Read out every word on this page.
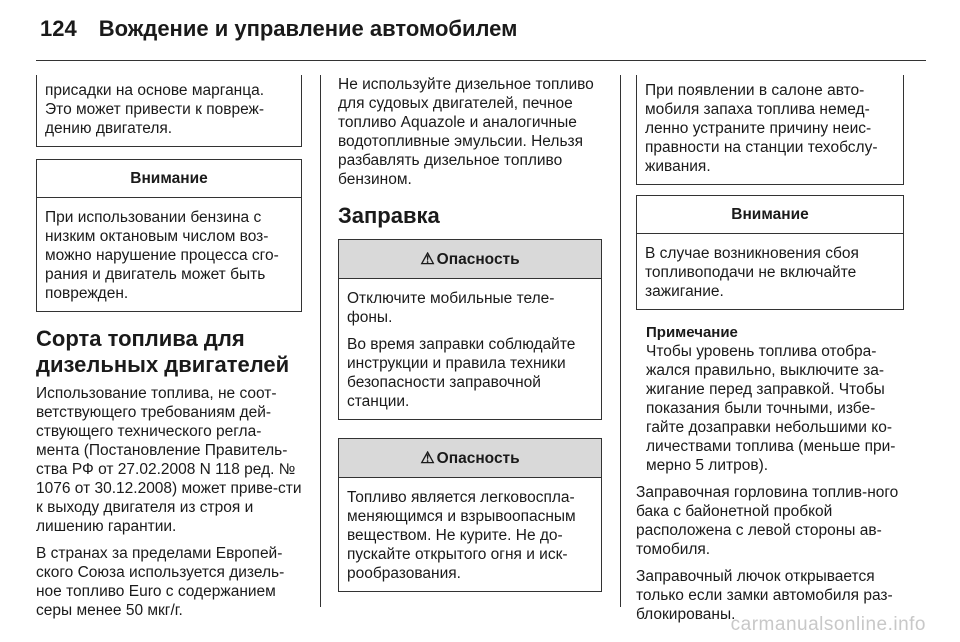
124 Вождение и управление автомобилем

присадки на основе марганца. Это может привести к повреж-дению двигателя.

Внимание

При использовании бензина с низким октановым числом воз-можно нарушение процесса сго-рания и двигатель может быть поврежден.

Сорта топлива для дизельных двигателей

Использование топлива, не соот-ветствующего требованиям дей-ствующего технического регла-мента (Постановление Правитель-ства РФ от 27.02.2008 N 118 ред. № 1076 от 30.12.2008) может приве-сти к выходу двигателя из строя и лишению гарантии.

В странах за пределами Европей-ского Союза используется дизель-ное топливо Euro с содержанием серы менее 50 мкг/г.

Не используйте дизельное топливо для судовых двигателей, печное топливо Aquazole и аналогичные водотопливные эмульсии. Нельзя разбавлять дизельное топливо бензином.

Заправка
⚠ Опасность

Отключите мобильные теле-фоны.

Во время заправки соблюдайте инструкции и правила техники безопасности заправочной станции.

⚠ Опасность

Топливо является легковоспла-меняющимся и взрывоопасным веществом. Не курите. Не до-пускайте открытого огня и иск-рообразования.

При появлении в салоне авто-мобиля запаха топлива немед-ленно устраните причину неис-правности на станции техобслу-живания.

Внимание

В случае возникновения сбоя топливоподачи не включайте зажигание.

Примечание

Чтобы уровень топлива отобра-жался правильно, выключите за-жигание перед заправкой. Чтобы показания были точными, избе-гайте дозаправки небольшими ко-личествами топлива (меньше при-мерно 5 литров).

Заправочная горловина топлив-ного бака с байонетной пробкой расположена с левой стороны ав-томобиля.

Заправочный лючок открывается только если замки автомобиля раз-блокированы.

carmanualsonline.info
